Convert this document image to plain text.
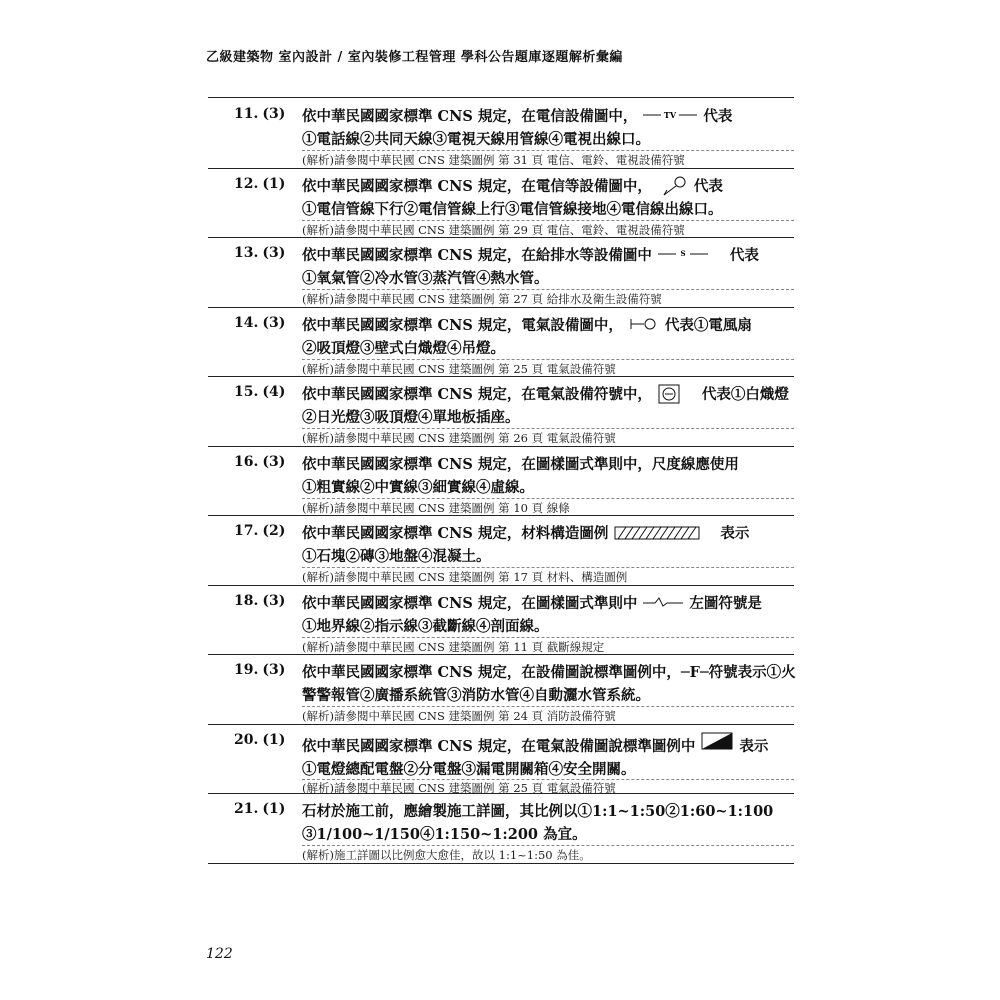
乙級建築物 室內設計 / 室內裝修工程管理 學科公告題庫逐題解析彙編
11. (3) 依中華民國國家標準 CNS 規定，在電信設備圖中，	TV 代表
①電話線②共同天線③電視天線用管線④電視出線口。
(解析)請參閱中華民國 CNS 建築圖例 第 31 頁 電信、電鈴、電視設備符號
12. (1) 依中華民國國家標準 CNS 規定，在電信等設備圖中，	代表
①電信管線下行②電信管線上行③電信管線接地④電信線出線口。
(解析)請參閱中華民國 CNS 建築圖例 第 29 頁 電信、電鈴、電視設備符號
13. (3) 依中華民國國家標準 CNS 規定，在給排水等設備圖中	S	代表
①氧氣管②冷水管③蒸汽管④熱水管。
(解析)請參閱中華民國 CNS 建築圖例 第 27 頁 給排水及衛生設備符號
14. (3) 依中華民國國家標準 CNS 規定，電氣設備圖中，	代表①電風扇
②吸頂燈③壁式白熾燈④吊燈。
(解析)請參閱中華民國 CNS 建築圖例 第 25 頁 電氣設備符號
15. (4) 依中華民國國家標準 CNS 規定，在電氣設備符號中，	代表①白熾燈
②日光燈③吸頂燈④單地板插座。
(解析)請參閱中華民國 CNS 建築圖例 第 26 頁 電氣設備符號
16. (3) 依中華民國國家標準 CNS 規定，在圖樣圖式準則中，尺度線應使用
①粗實線②中實線③細實線④虛線。
(解析)請參閱中華民國 CNS 建築圖例 第 10 頁 線條
17. (2) 依中華民國國家標準 CNS 規定，材料構造圖例	表示
①石塊②磚③地盤④混凝土。
(解析)請參閱中華民國 CNS 建築圖例 第 17 頁 材料、構造圖例
18. (3) 依中華民國國家標準 CNS 規定，在圖樣圖式準則中	左圖符號是
①地界線②指示線③截斷線④剖面線。
(解析)請參閱中華民國 CNS 建築圖例 第 11 頁 截斷線規定
19. (3) 依中華民國國家標準 CNS 規定，在設備圖說標準圖例中，─F─符號表示①火
警警報管②廣播系統管③消防水管④自動灑水管系統。
(解析)請參閱中華民國 CNS 建築圖例 第 24 頁 消防設備符號
20. (1) 依中華民國國家標準 CNS 規定，在電氣設備圖說標準圖例中	表示
①電燈總配電盤②分電盤③漏電開關箱④安全開關。
(解析)請參閱中華民國 CNS 建築圖例 第 25 頁 電氣設備符號
21. (1) 石材於施工前，應繪製施工詳圖，其比例以①1:1~1:50②1:60~1:100
③1/100~1/150④1:150~1:200 為宜。
(解析)施工詳圖以比例愈大愈佳，故以 1:1~1:50 為佳。
122
